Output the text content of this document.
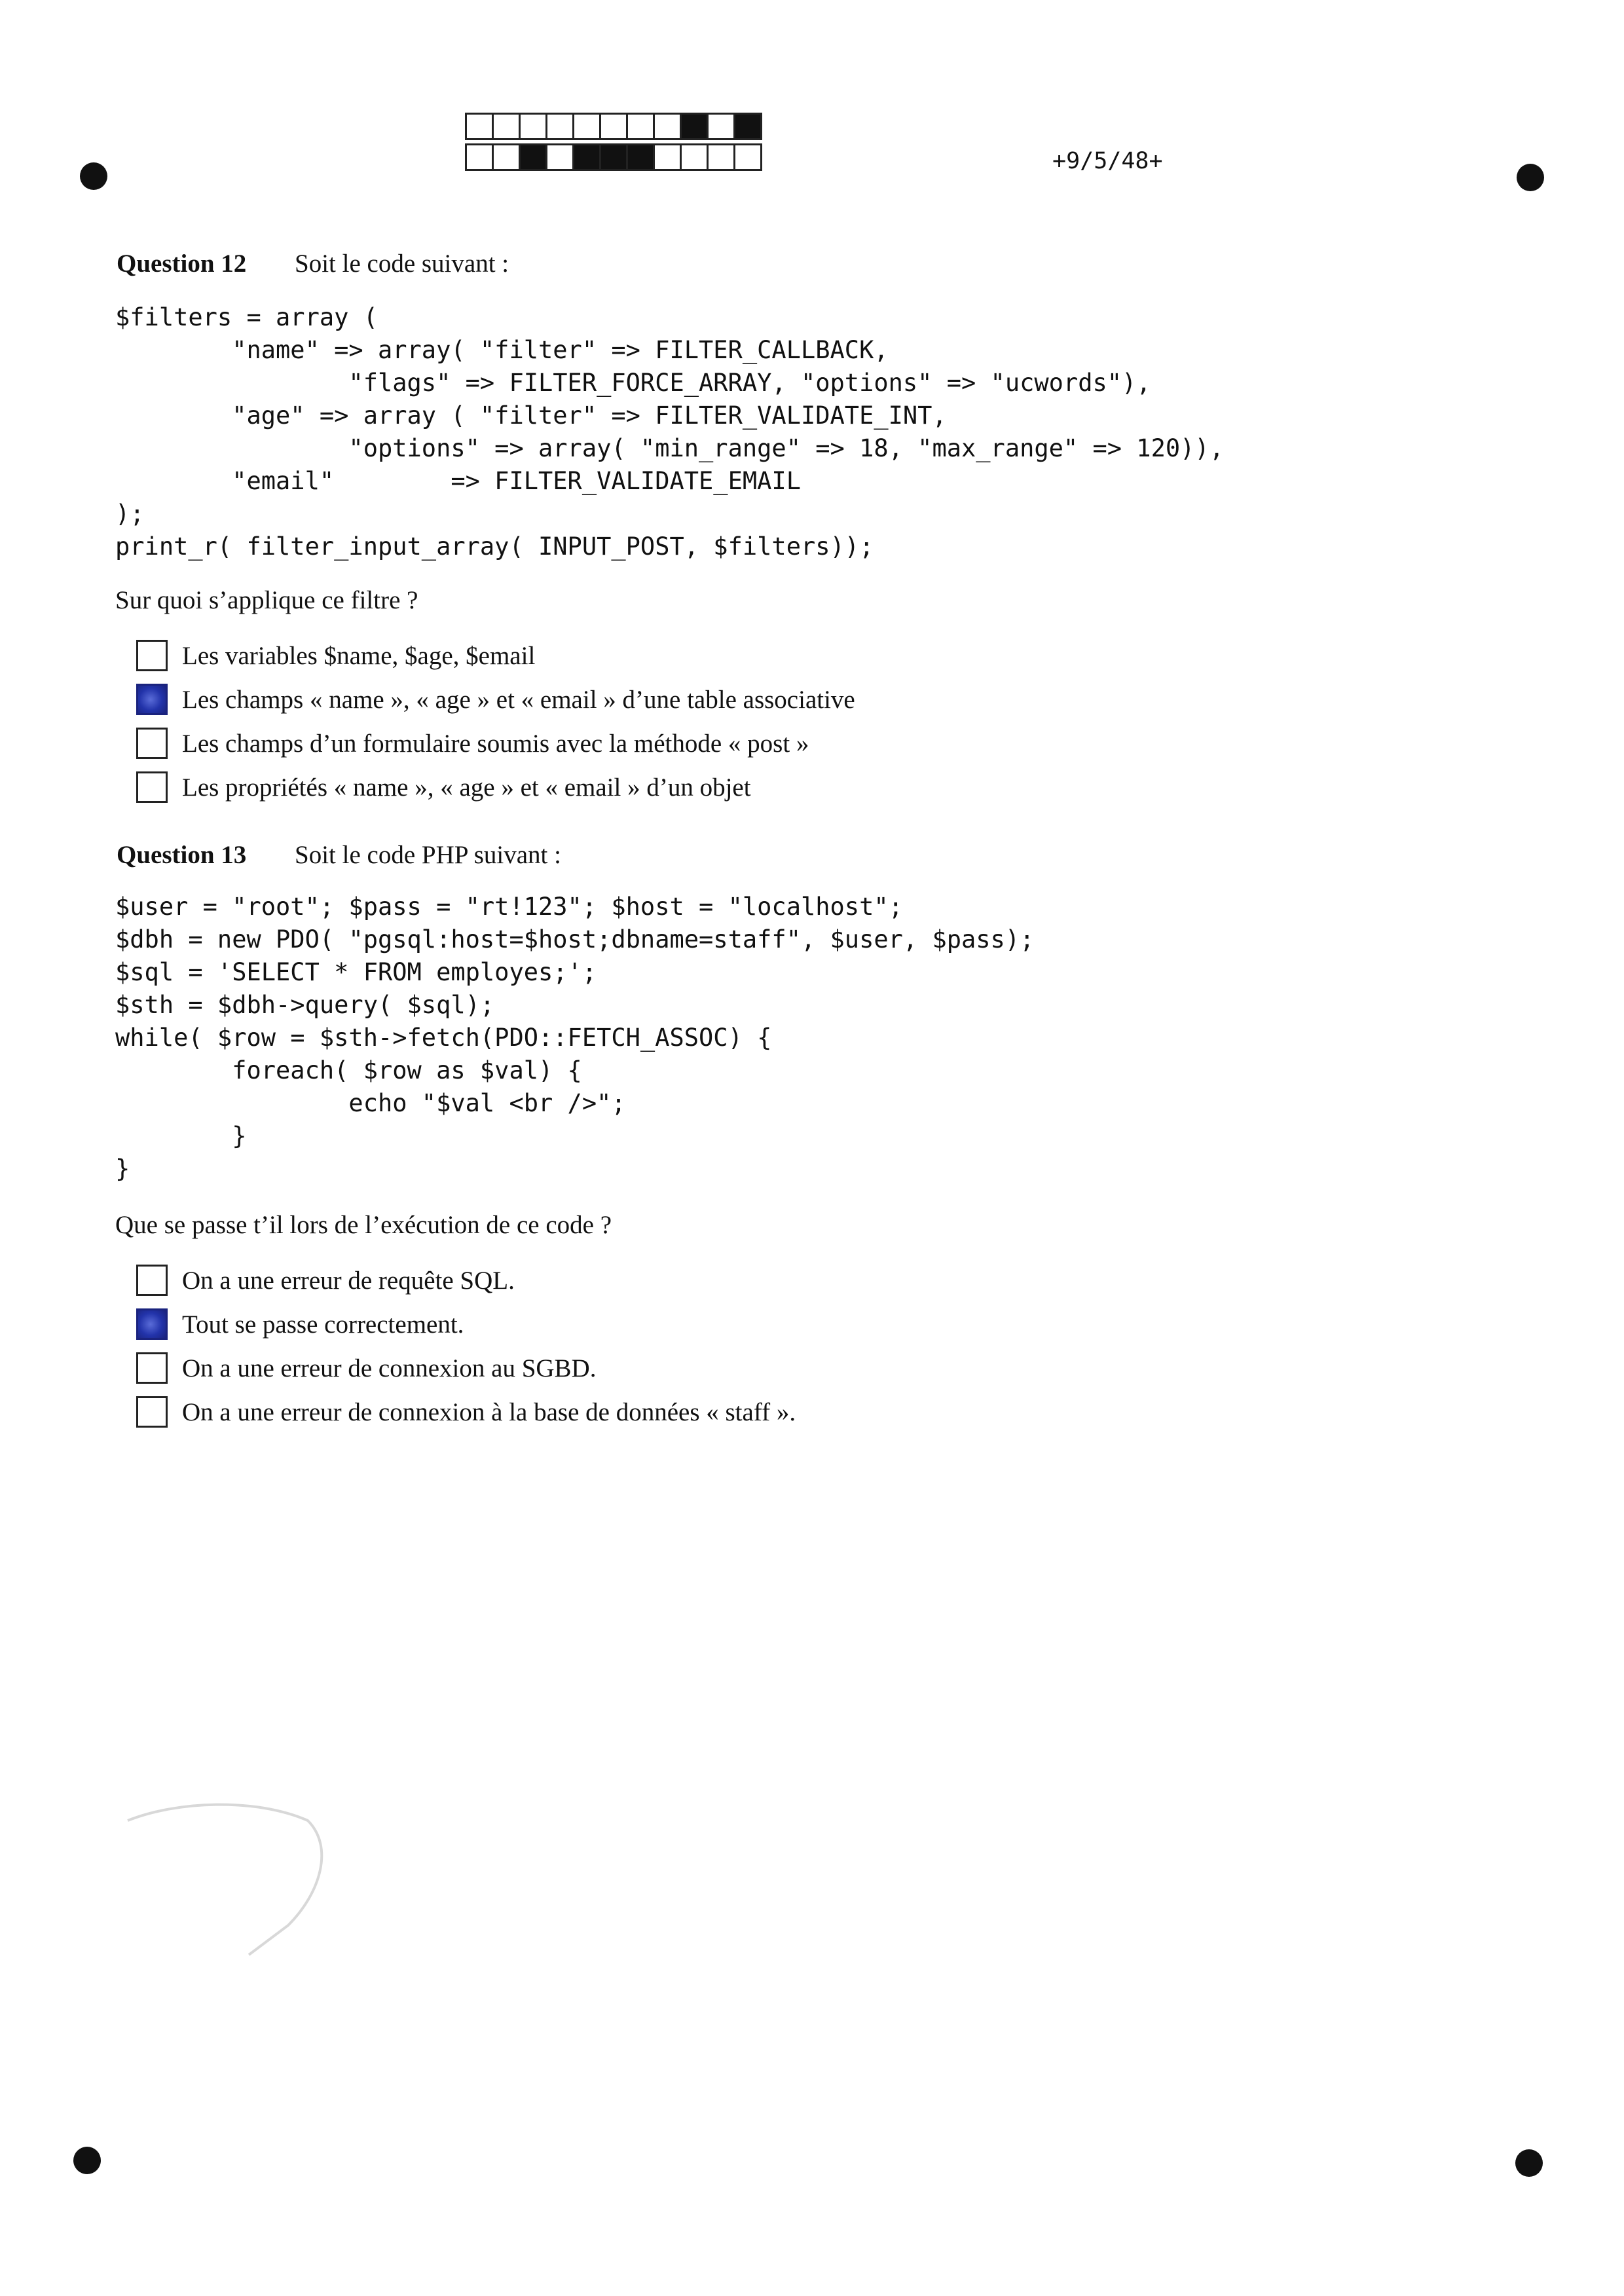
+9/5/48+
Question 12 Soit le code suivant :
$filters = array (
"name" => array( "filter" => FILTER_CALLBACK,
"flags" => FILTER_FORCE_ARRAY, "options" => "ucwords"),
"age" => array ( "filter" => FILTER_VALIDATE_INT,
"options" => array( "min_range" => 18, "max_range" => 120)),
"email"        => FILTER_VALIDATE_EMAIL
);
print_r( filter_input_array( INPUT_POST, $filters));
Sur quoi s’applique ce filtre ?
Les variables $name, $age, $email
Les champs « name », « age » et « email » d’une table associative
Les champs d’un formulaire soumis avec la méthode « post »
Les propriétés « name », « age » et « email » d’un objet
Question 13 Soit le code PHP suivant :
$user = "root"; $pass = "rt!123"; $host = "localhost";
$dbh = new PDO( "pgsql:host=$host;dbname=staff", $user, $pass);
$sql = 'SELECT * FROM employes;';
$sth = $dbh->query( $sql);
while( $row = $sth->fetch(PDO::FETCH_ASSOC) {
foreach( $row as $val) {
echo "$val <br />";
}
}
Que se passe t’il lors de l’exécution de ce code ?
On a une erreur de requête SQL.
Tout se passe correctement.
On a une erreur de connexion au SGBD.
On a une erreur de connexion à la base de données « staff ».
